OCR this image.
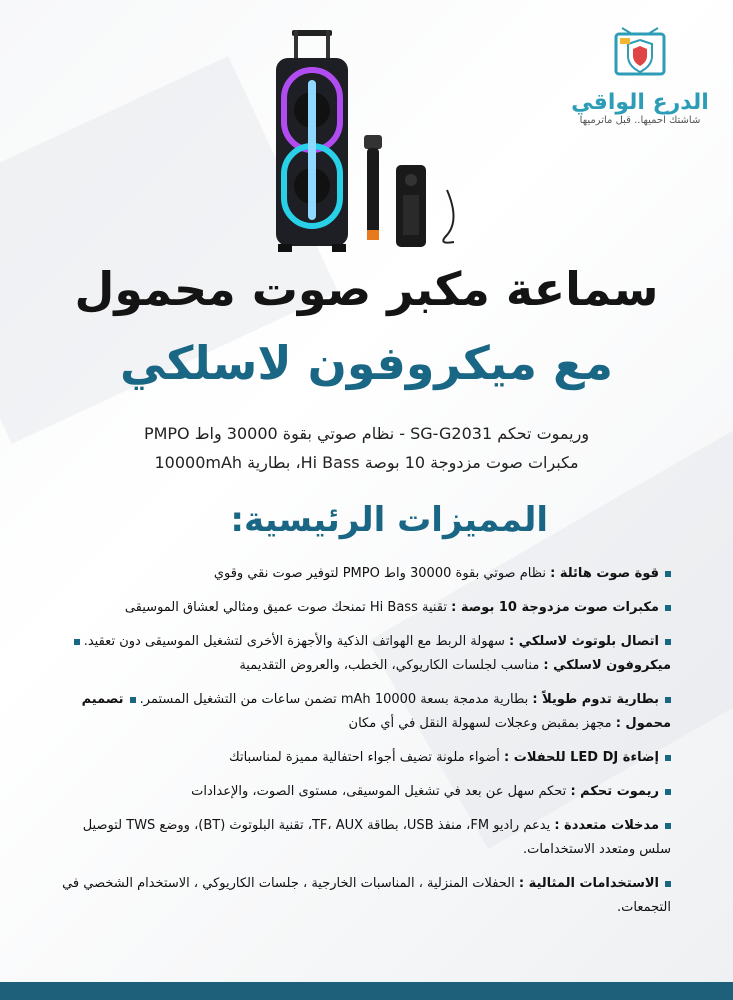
الدرع الواقي
شاشتك احميها.. قبل ماترميها
سماعة مكبر صوت محمول
مع ميكروفون لاسلكي
وريموت تحكم SG-G2031 - نظام صوتي بقوة 30000 واط PMPO
مكبرات صوت مزدوجة 10 بوصة Hi Bass، بطارية 10000mAh
المميزات الرئيسية:
قوة صوت هائلة : نظام صوتي بقوة 30000 واط PMPO لتوفير صوت نقي وقوي
مكبرات صوت مزدوجة 10 بوصة : تقنية Hi Bass تمنحك صوت عميق ومثالي لعشاق الموسيقى
اتصال بلوتوث لاسلكي : سهولة الربط مع الهواتف الذكية والأجهزة الأخرى لتشغيل الموسيقى دون تعقيد. ميكروفون لاسلكي : مناسب لجلسات الكاريوكي، الخطب، والعروض التقديمية
بطارية تدوم طويلاً : بطارية مدمجة بسعة 10000 mAh تضمن ساعات من التشغيل المستمر. تصميم محمول : مجهز بمقبض وعجلات لسهولة النقل في أي مكان
إضاءة LED DJ للحفلات : أضواء ملونة تضيف أجواء احتفالية مميزة لمناسباتك
ريموت تحكم : تحكم سهل عن بعد في تشغيل الموسيقى، مستوى الصوت، والإعدادات
مدخلات متعددة : يدعم راديو FM، منفذ USB، بطاقة TF، AUX، تقنية البلوتوث (BT)، ووضع TWS لتوصيل سلس ومتعدد الاستخدامات.
الاستخدامات المثالية : الحفلات المنزلية ، المناسبات الخارجية ، جلسات الكاريوكي ، الاستخدام الشخصي في التجمعات.
